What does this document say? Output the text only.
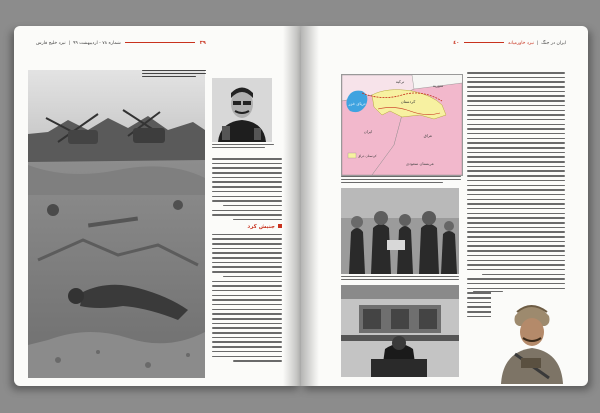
٣٩  شماره ٧٨ - اردیبهشت ٩٩  |  نبرد خلیج فارس
جنبش کرد
ایران در جنگ  |  نبرد خاورمیانه  ٤٠
دریای خزر	کردستان
ترکیه
سوریه
عراق
ایران
عربستان سعودی
کردستان عراق
